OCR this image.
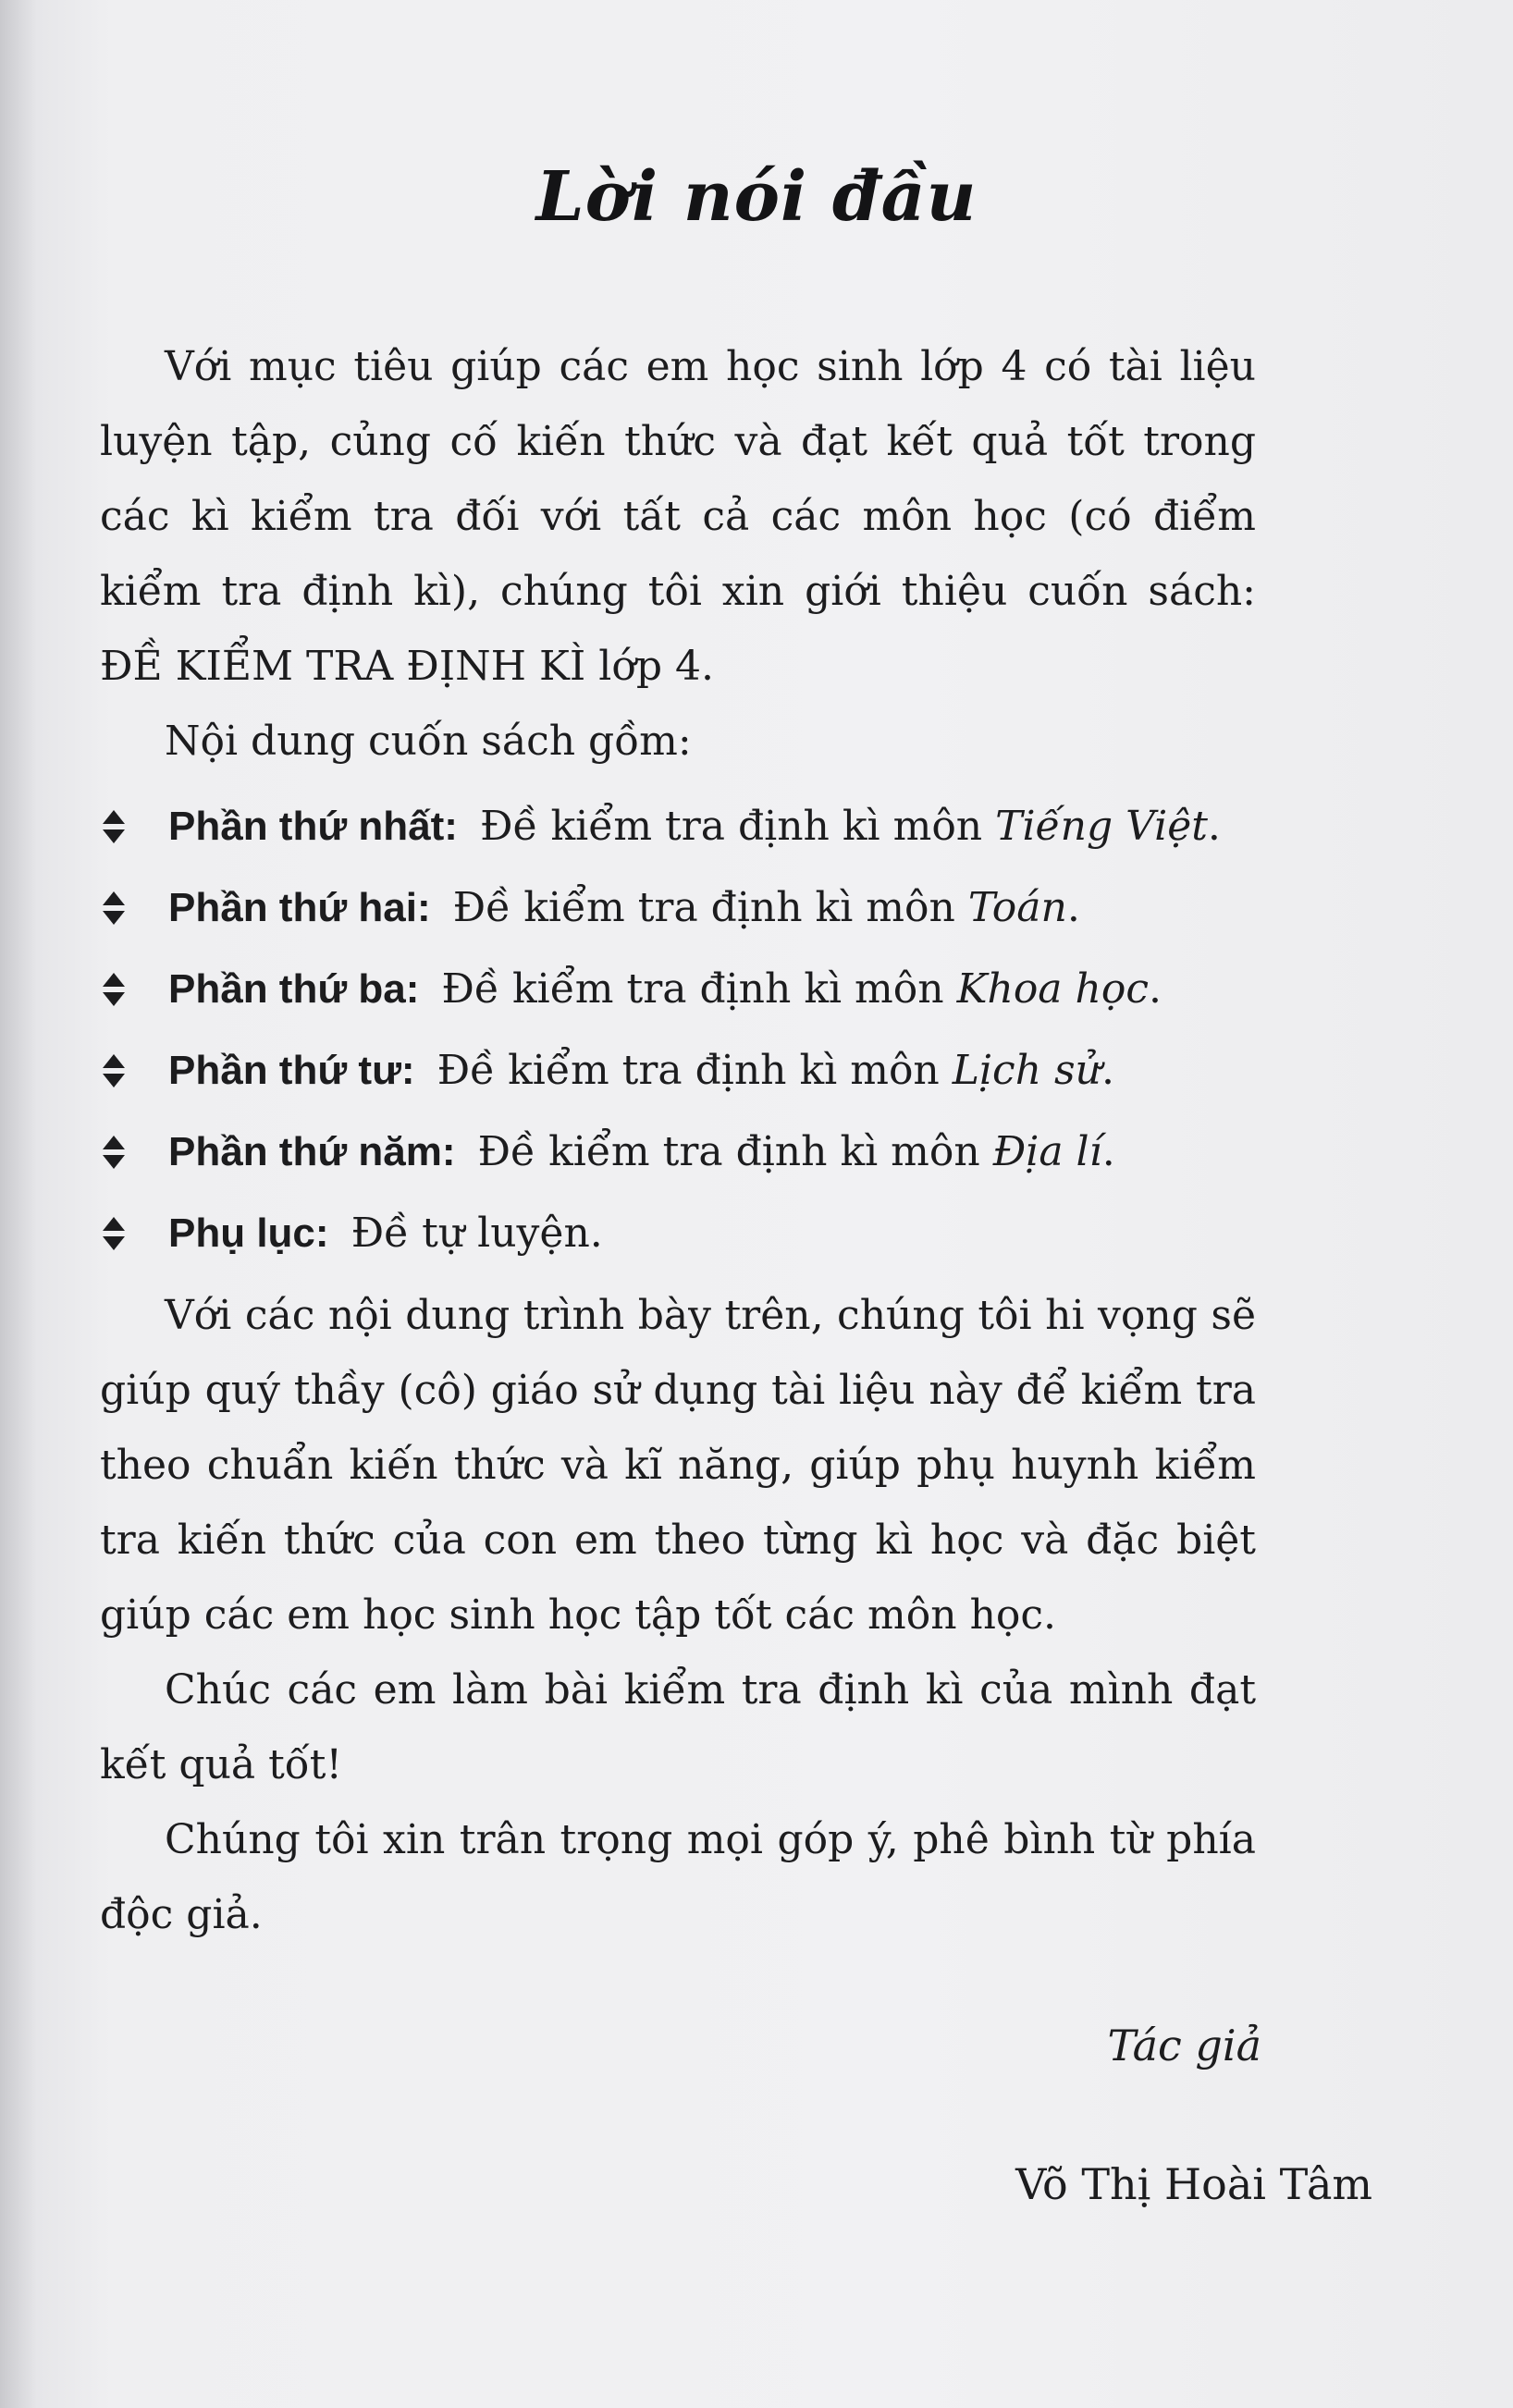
Lời nói đầu

Với mục tiêu giúp các em học sinh lớp 4 có tài liệu luyện tập, củng cố kiến thức và đạt kết quả tốt trong các kì kiểm tra đối với tất cả các môn học (có điểm kiểm tra định kì), chúng tôi xin giới thiệu cuốn sách: ĐỀ KIỂM TRA ĐỊNH KÌ lớp 4.

Nội dung cuốn sách gồm:

Phần thứ nhất: Đề kiểm tra định kì môn Tiếng Việt.
Phần thứ hai: Đề kiểm tra định kì môn Toán.
Phần thứ ba: Đề kiểm tra định kì môn Khoa học.
Phần thứ tư: Đề kiểm tra định kì môn Lịch sử.
Phần thứ năm: Đề kiểm tra định kì môn Địa lí.
Phụ lục: Đề tự luyện.

Với các nội dung trình bày trên, chúng tôi hi vọng sẽ giúp quý thầy (cô) giáo sử dụng tài liệu này để kiểm tra theo chuẩn kiến thức và kĩ năng, giúp phụ huynh kiểm tra kiến thức của con em theo từng kì học và đặc biệt giúp các em học sinh học tập tốt các môn học.

Chúc các em làm bài kiểm tra định kì của mình đạt kết quả tốt!

Chúng tôi xin trân trọng mọi góp ý, phê bình từ phía độc giả.

Tác giả
Võ Thị Hoài Tâm
